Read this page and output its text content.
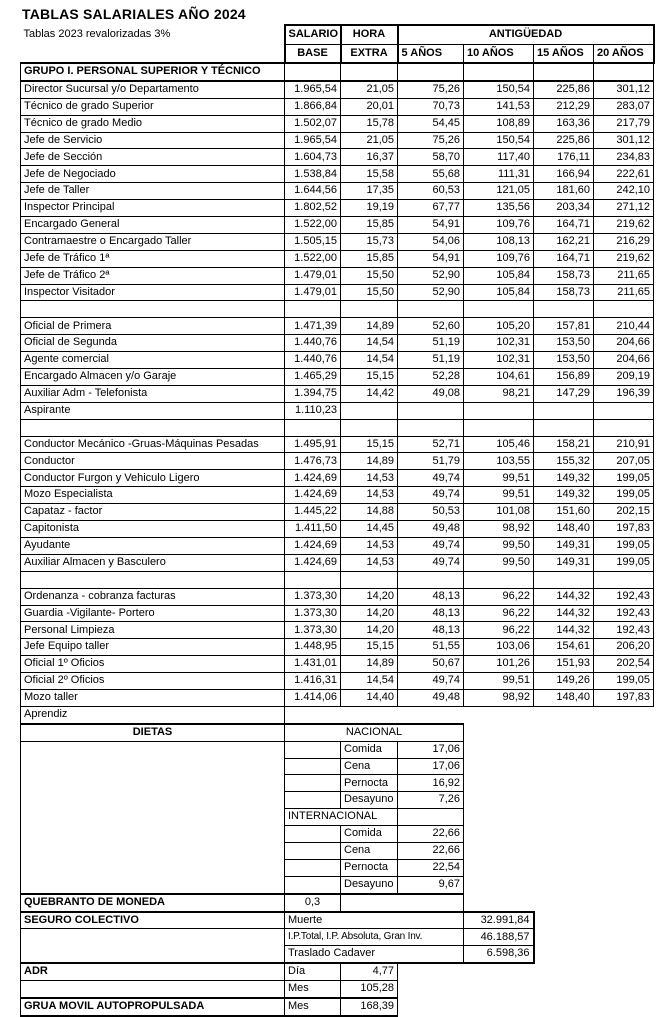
TABLAS SALARIALES AÑO 2024
Tablas 2023 revalorizadas 3%	SALARIO	HORA	ANTIGÜEDAD			
	BASE	EXTRA	5 AÑOS	10 AÑOS	15 AÑOS	20 AÑOS
GRUPO I. PERSONAL SUPERIOR Y TÉCNICO						
Director Sucursal y/o Departamento	1.965,54	21,05	75,26	150,54	225,86	301,12
Técnico de grado Superior	1.866,84	20,01	70,73	141,53	212,29	283,07
Técnico de grado Medio	1.502,07	15,78	54,45	108,89	163,36	217,79
Jefe de Servicio	1.965,54	21,05	75,26	150,54	225,86	301,12
Jefe de Sección	1.604,73	16,37	58,70	117,40	176,11	234,83
Jefe de Negociado	1.538,84	15,58	55,68	111,31	166,94	222,61
Jefe de Taller	1.644,56	17,35	60,53	121,05	181,60	242,10
Inspector Principal	1.802,52	19,19	67,77	135,56	203,34	271,12
Encargado General	1.522,00	15,85	54,91	109,76	164,71	219,62
Contramaestre o Encargado Taller	1.505,15	15,73	54,06	108,13	162,21	216,29
Jefe de Tráfico 1ª	1.522,00	15,85	54,91	109,76	164,71	219,62
Jefe de Tráfico 2ª	1.479,01	15,50	52,90	105,84	158,73	211,65
Inspector Visitador	1.479,01	15,50	52,90	105,84	158,73	211,65

Oficial de Primera	1.471,39	14,89	52,60	105,20	157,81	210,44
Oficial de Segunda	1.440,76	14,54	51,19	102,31	153,50	204,66
Agente comercial	1.440,76	14,54	51,19	102,31	153,50	204,66
Encargado Almacen y/o Garaje	1.465,29	15,15	52,28	104,61	156,89	209,19
Auxiliar Adm - Telefonista	1.394,75	14,42	49,08	98,21	147,29	196,39
Aspirante	1.110,23					

Conductor Mecánico -Gruas-Máquinas Pesadas	1.495,91	15,15	52,71	105,46	158,21	210,91
Conductor	1.476,73	14,89	51,79	103,55	155,32	207,05
Conductor Furgon y Vehiculo Ligero	1.424,69	14,53	49,74	99,51	149,32	199,05
Mozo Especialista	1.424,69	14,53	49,74	99,51	149,32	199,05
Capataz - factor	1.445,22	14,88	50,53	101,08	151,60	202,15
Capitonista	1.411,50	14,45	49,48	98,92	148,40	197,83
Ayudante	1.424,69	14,53	49,74	99,50	149,31	199,05
Auxiliar Almacen y Basculero	1.424,69	14,53	49,74	99,50	149,31	199,05

Ordenanza - cobranza facturas	1.373,30	14,20	48,13	96,22	144,32	192,43
Guardia -Vigilante- Portero	1.373,30	14,20	48,13	96,22	144,32	192,43
Personal Limpieza	1.373,30	14,20	48,13	96,22	144,32	192,43
Jefe Equipo taller	1.448,95	15,15	51,55	103,06	154,61	206,20
Oficial 1º Oficios	1.431,01	14,89	50,67	101,26	151,93	202,54
Oficial 2º Oficios	1.416,31	14,54	49,74	99,51	149,26	199,05
Mozo taller	1.414,06	14,40	49,48	98,92	148,40	197,83
Aprendiz						
DIETAS	NACIONAL					
		Comida	17,06			
		Cena	17,06			
		Pernocta	16,92			
		Desayuno	7,26			
	INTERNACIONAL					
		Comida	22,66			
		Cena	22,66			
		Pernocta	22,54			
		Desayuno	9,67			
QUEBRANTO DE MONEDA	0,3					
SEGURO COLECTIVO	Muerte			32.991,84		
	I.P.Total, I.P. Absoluta, Gran Inv.			46.188,57		
	Traslado Cadaver			6.598,36		
ADR	Día	4,77				
	Mes	105,28				
GRUA MOVIL AUTOPROPULSADA	Mes	168,39				
